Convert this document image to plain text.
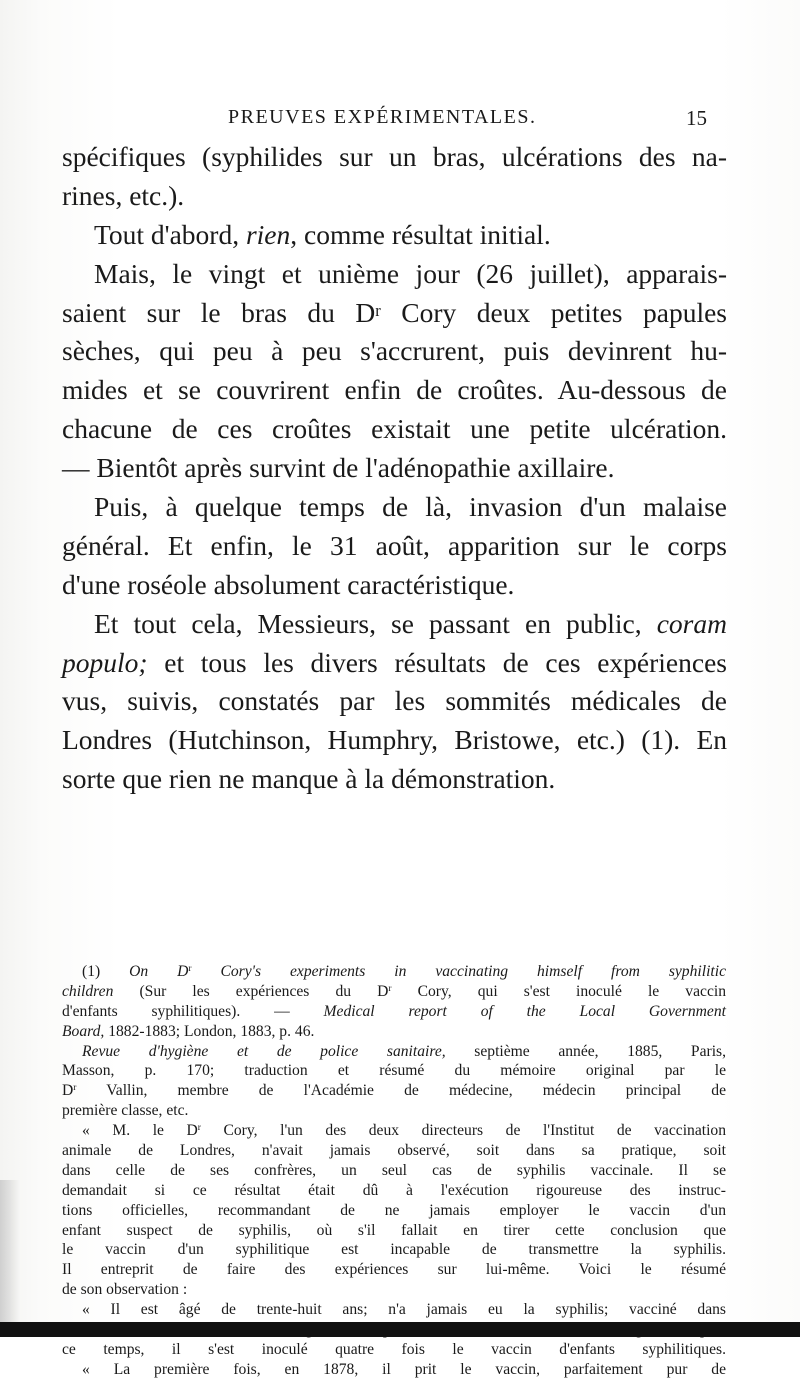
PREUVES EXPÉRIMENTALES.	15
spécifiques (syphilides sur un bras, ulcérations des na-
rines, etc.).
Tout d'abord, rien, comme résultat initial.
Mais, le vingt et unième jour (26 juillet), apparais-
saient sur le bras du $D^r$ Cory deux petites papules
sèches, qui peu à peu s'accrurent, puis devinrent hu-
mides et se couvrirent enfin de croûtes. Au-dessous de
chacune de ces croûtes existait une petite ulcération.
— Bientôt après survint de l'adénopathie axillaire.
Puis, à quelque temps de là, invasion d'un malaise
général. Et enfin, le 31 août, apparition sur le corps
d'une roséole absolument caractéristique.
Et tout cela, Messieurs, se passant en public, coram
populo; et tous les divers résultats de ces expériences
vus, suivis, constatés par les sommités médicales de
Londres (Hutchinson, Humphry, Bristowe, etc.) (1). En
sorte que rien ne manque à la démonstration.
(1) On $D^r$ Cory's experiments in vaccinating himself from syphilitic
children (Sur les expériences du $D^r$ Cory, qui s'est inoculé le vaccin
d'enfants syphilitiques). — Medical report of the Local Government
Board, 1882-1883; London, 1883, p. 46.
Revue d'hygiène et de police sanitaire, septième année, 1885, Paris,
Masson, p. 170; traduction et résumé du mémoire original par le
$D^r$ Vallin, membre de l'Académie de médecine, médecin principal de
première classe, etc.
« M. le $D^r$ Cory, l'un des deux directeurs de l'Institut de vaccination
animale de Londres, n'avait jamais observé, soit dans sa pratique, soit
dans celle de ses confrères, un seul cas de syphilis vaccinale. Il se
demandait si ce résultat était dû à l'exécution rigoureuse des instruc-
tions officielles, recommandant de ne jamais employer le vaccin d'un
enfant suspect de syphilis, où s'il fallait en tirer cette conclusion que
le vaccin d'un syphilitique est incapable de transmettre la syphilis.
Il entreprit de faire des expériences sur lui-même. Voici le résumé
de son observation :
« Il est âgé de trente-huit ans; n'a jamais eu la syphilis; vacciné dans
ce temps, il s'est inoculé quatre fois le vaccin d'enfants syphilitiques.
« La première fois, en 1878, il prit le vaccin, parfaitement pur de
